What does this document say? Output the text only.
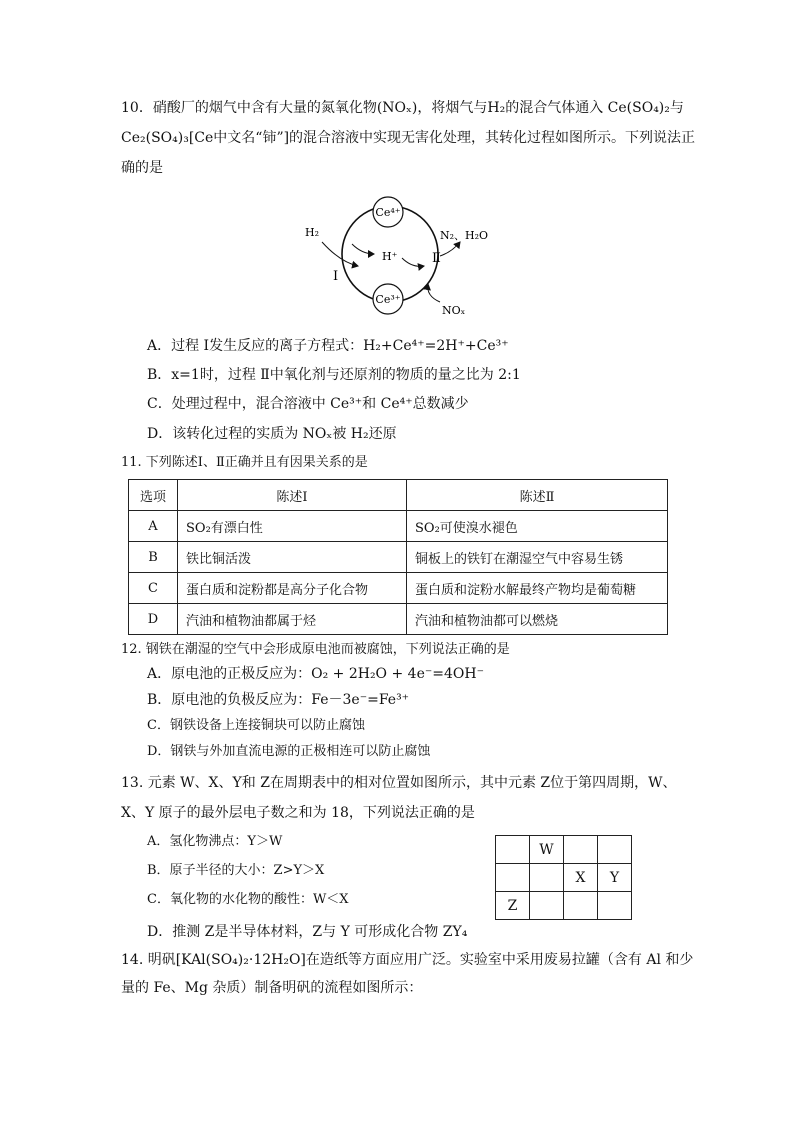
10．硝酸厂的烟气中含有大量的氮氧化物(NOₓ)，将烟气与H₂的混合气体通入 Ce(SO₄)₂与
Ce₂(SO₄)₃[Ce中文名“铈”]的混合溶液中实现无害化处理，其转化过程如图所示。下列说法正
确的是
Ce⁴⁺
Ce³⁺
H₂
H⁺
Ⅰ
Ⅱ
N₂、H₂O
NOₓ
A．过程 Ⅰ发生反应的离子方程式：H₂+Ce⁴⁺=2H⁺+Ce³⁺
B．x=1时，过程 Ⅱ中氧化剂与还原剂的物质的量之比为 2:1
C．处理过程中，混合溶液中 Ce³⁺和 Ce⁴⁺总数减少
D．该转化过程的实质为 NOₓ被 H₂还原
11. 下列陈述Ⅰ、Ⅱ正确并且有因果关系的是
选项	陈述Ⅰ	陈述Ⅱ
A	SO₂有漂白性	SO₂可使溴水褪色
B	铁比铜活泼	铜板上的铁钉在潮湿空气中容易生锈
C	蛋白质和淀粉都是高分子化合物	蛋白质和淀粉水解最终产物均是葡萄糖
D	汽油和植物油都属于烃	汽油和植物油都可以燃烧
12. 钢铁在潮湿的空气中会形成原电池而被腐蚀，下列说法正确的是
A．原电池的正极反应为：O₂ + 2H₂O + 4e⁻=4OH⁻
B．原电池的负极反应为：Fe－3e⁻=Fe³⁺
C．钢铁设备上连接铜块可以防止腐蚀
D．钢铁与外加直流电源的正极相连可以防止腐蚀
13. 元素 W、X、Y和 Z在周期表中的相对位置如图所示，其中元素 Z位于第四周期，W、
X、Y 原子的最外层电子数之和为 18，下列说法正确的是
A．氢化物沸点：Y＞W
B．原子半径的大小：Z>Y＞X
C．氧化物的水化物的酸性：W＜X
D．推测 Z是半导体材料，Z与 Y 可形成化合物 ZY₄
	W		
		X	Y
Z			
14. 明矾[KAl(SO₄)₂·12H₂O]在造纸等方面应用广泛。实验室中采用废易拉罐（含有 Al 和少
量的 Fe、Mg 杂质）制备明矾的流程如图所示：
